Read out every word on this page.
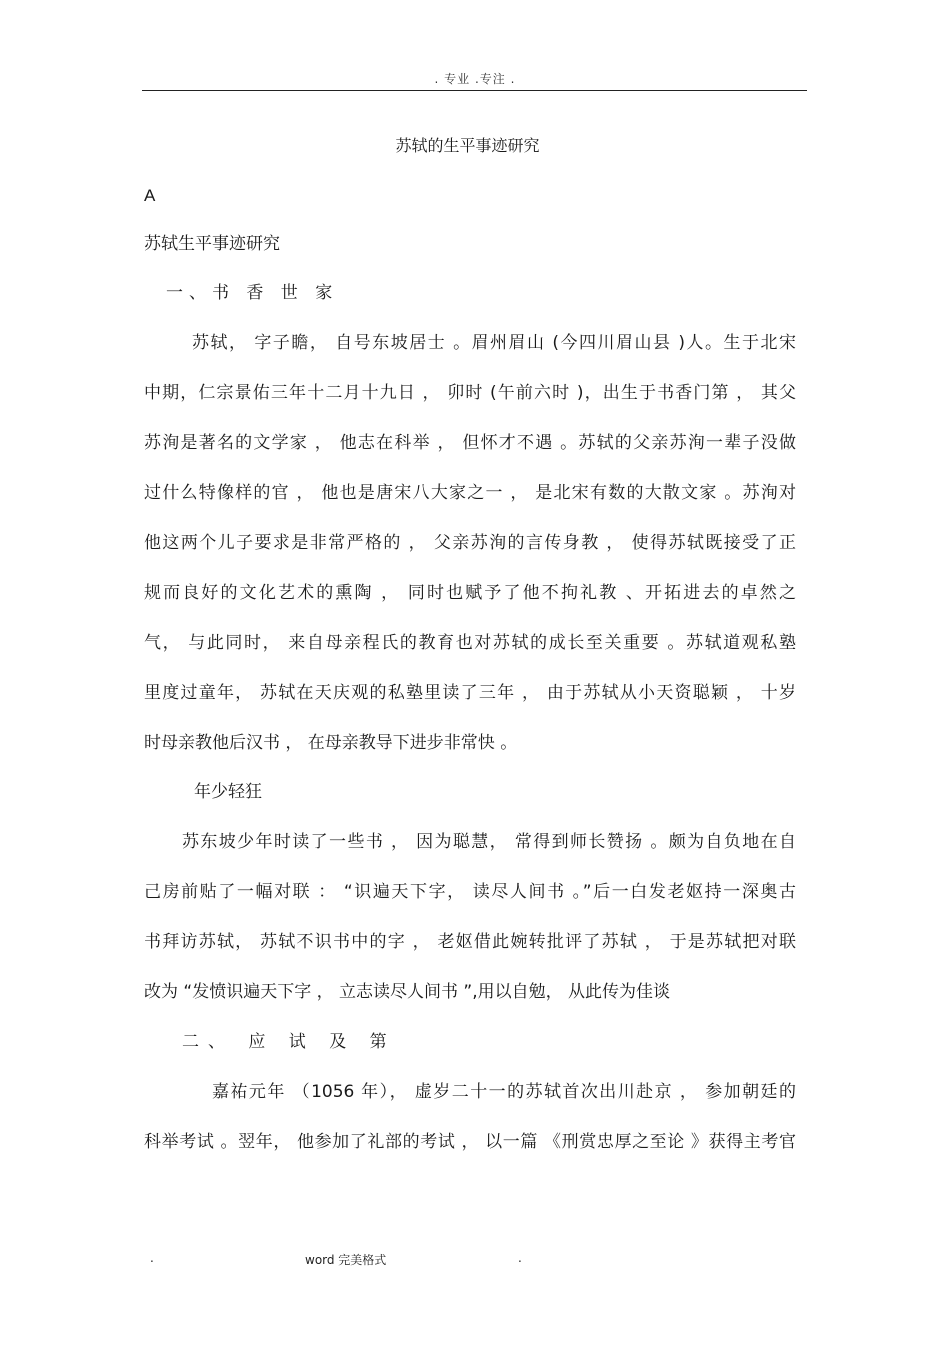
. 专业 .专注 .
苏轼的生平事迹研究
A
苏轼生平事迹研究
一、书 香 世 家
苏轼， 字子瞻， 自号东坡居士 。眉州眉山 (今四川眉山县 )人。生于北宋
中期，仁宗景佑三年十二月十九日 ， 卯时 (午前六时 )，出生于书香门第 ， 其父
苏洵是著名的文学家 ， 他志在科举 ， 但怀才不遇 。苏轼的父亲苏洵一辈子没做
过什么特像样的官 ， 他也是唐宋八大家之一 ， 是北宋有数的大散文家 。苏洵对
他这两个儿子要求是非常严格的 ， 父亲苏洵的言传身教 ， 使得苏轼既接受了正
规而良好的文化艺术的熏陶 ， 同时也赋予了他不拘礼教 、开拓进去的卓然之
气， 与此同时， 来自母亲程氏的教育也对苏轼的成长至关重要 。苏轼道观私塾
里度过童年， 苏轼在天庆观的私塾里读了三年 ， 由于苏轼从小天资聪颖 ， 十岁
时母亲教他后汉书 ， 在母亲教导下进步非常快 。
年少轻狂
苏东坡少年时读了一些书 ， 因为聪慧， 常得到师长赞扬 。颇为自负地在自
己房前贴了一幅对联 ： “识遍天下字， 读尽人间书 。”后一白发老妪持一深奥古
书拜访苏轼， 苏轼不识书中的字 ， 老妪借此婉转批评了苏轼 ， 于是苏轼把对联
改为 “发愤识遍天下字 ， 立志读尽人间书 ”,用以自勉， 从此传为佳谈
二、 应 试 及 第
嘉祐元年 （1056 年）， 虚岁二十一的苏轼首次出川赴京 ， 参加朝廷的
科举考试 。翌年， 他参加了礼部的考试 ， 以一篇 《刑赏忠厚之至论 》获得主考官
.	word 完美格式	.
